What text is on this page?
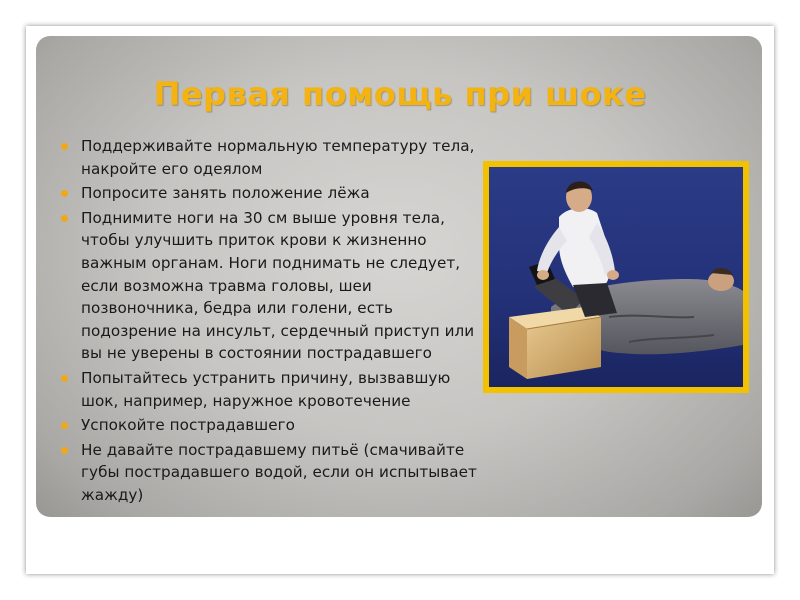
Первая помощь при шоке
Поддерживайте нормальную температуру тела, накройте его одеялом
Попросите занять положение лёжа
Поднимите ноги на 30 см выше уровня тела, чтобы улучшить приток крови к жизненно важным органам. Ноги поднимать не следует, если возможна травма головы, шеи позвоночника, бедра или голени, есть подозрение на инсульт, сердечный приступ или вы не уверены в состоянии пострадавшего
Попытайтесь устранить причину, вызвавшую шок, например, наружное кровотечение
Успокойте пострадавшего
Не давайте пострадавшему питьё (смачивайте губы пострадавшего водой, если он испытывает жажду)
